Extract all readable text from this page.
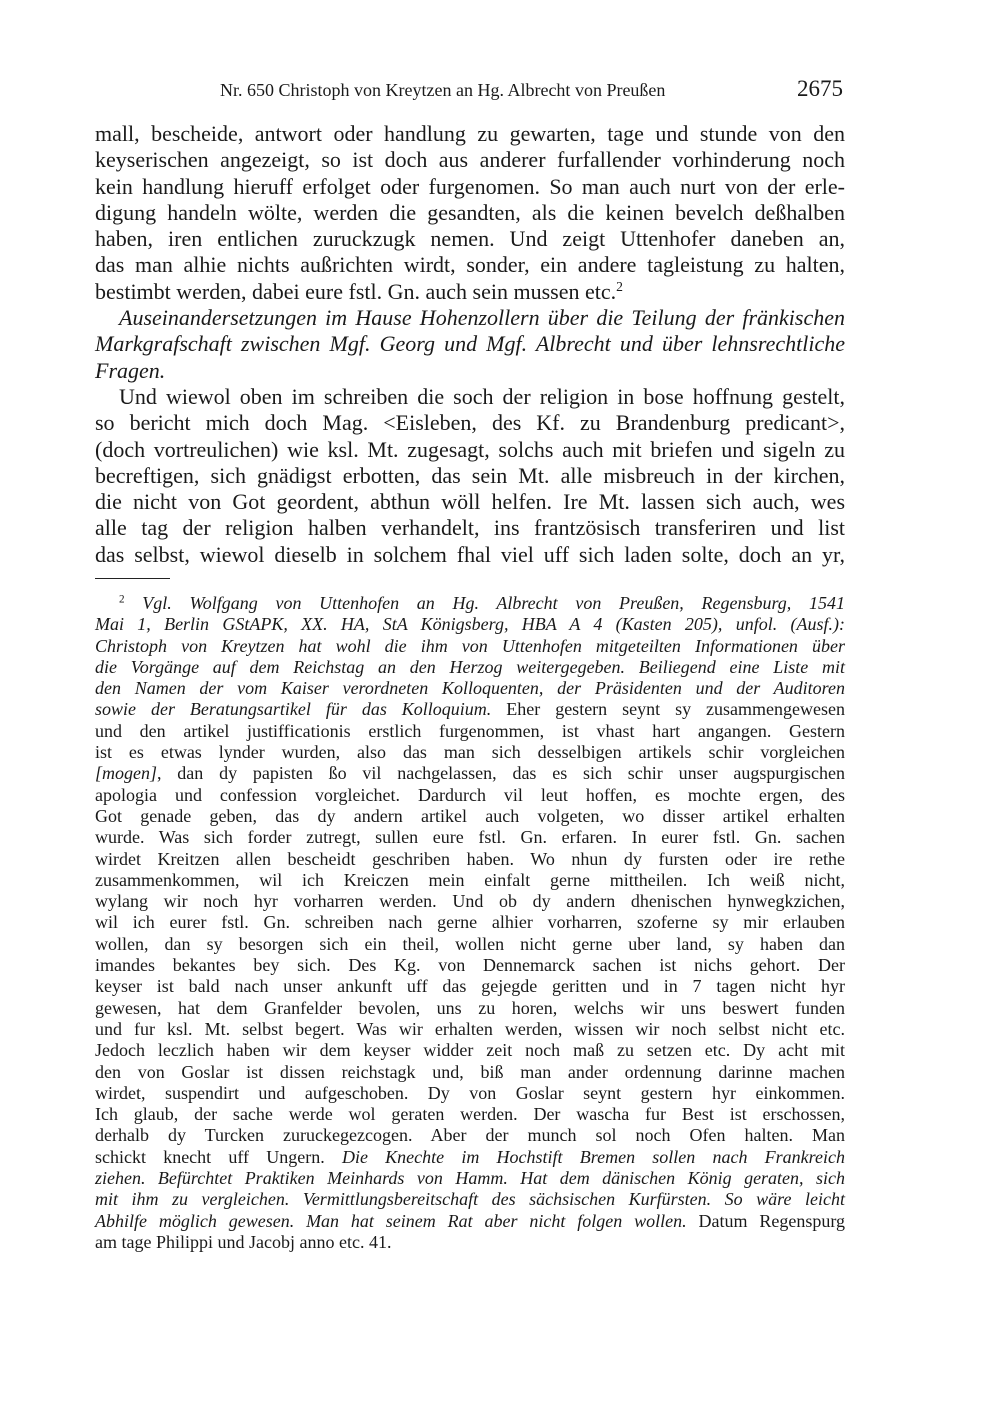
Nr. 650 Christoph von Kreytzen an Hg. Albrecht von Preußen	2675
mall, bescheide, antwort oder handlung zu gewarten, tage und stunde von den
keyserischen angezeigt, so ist doch aus anderer furfallender vorhinderung noch
kein handlung hieruff erfolget oder furgenomen. So man auch nurt von der erle-
digung handeln wölte, werden die gesandten, als die keinen bevelch deßhalben
haben, iren entlichen zuruckzugk nemen. Und zeigt Uttenhofer daneben an,
das man alhie nichts außrichten wirdt, sonder, ein andere tagleistung zu halten,
bestimbt werden, dabei eure fstl. Gn. auch sein mussen etc.$^2$
Auseinandersetzungen im Hause Hohenzollern über die Teilung der fränkischen
Markgrafschaft zwischen Mgf. Georg und Mgf. Albrecht und über lehnsrechtliche
Fragen.
Und wiewol oben im schreiben die soch der religion in bose hoffnung gestelt,
so bericht mich doch Mag. <Eisleben, des Kf. zu Brandenburg predicant>,
(doch vortreulichen) wie ksl. Mt. zugesagt, solchs auch mit briefen und sigeln zu
becreftigen, sich gnädigst erbotten, das sein Mt. alle misbreuch in der kirchen,
die nicht von Got geordent, abthun wöll helfen. Ire Mt. lassen sich auch, wes
alle tag der religion halben verhandelt, ins frantzösisch transferiren und list
das selbst, wiewol dieselb in solchem fhal viel uff sich laden solte, doch an yr,
$^2$ Vgl. Wolfgang von Uttenhofen an Hg. Albrecht von Preußen, Regensburg, 1541
Mai 1, Berlin GStAPK, XX. HA, StA Königsberg, HBA A 4 (Kasten 205), unfol. (Ausf.):
Christoph von Kreytzen hat wohl die ihm von Uttenhofen mitgeteilten Informationen über
die Vorgänge auf dem Reichstag an den Herzog weitergegeben. Beiliegend eine Liste mit
den Namen der vom Kaiser verordneten Kolloquenten, der Präsidenten und der Auditoren
sowie der Beratungsartikel für das Kolloquium. Eher gestern seynt sy zusammengewesen
und den artikel justifficationis erstlich furgenommen, ist vhast hart angangen. Gestern
ist es etwas lynder wurden, also das man sich desselbigen artikels schir vorgleichen
[mogen], dan dy papisten ßo vil nachgelassen, das es sich schir unser augspurgischen
apologia und confession vorgleichet. Dardurch vil leut hoffen, es mochte ergen, des
Got genade geben, das dy andern artikel auch volgeten, wo disser artikel erhalten
wurde. Was sich forder zutregt, sullen eure fstl. Gn. erfaren. In eurer fstl. Gn. sachen
wirdet Kreitzen allen bescheidt geschriben haben. Wo nhun dy fursten oder ire rethe
zusammenkommen, wil ich Kreiczen mein einfalt gerne mittheilen. Ich weiß nicht,
wylang wir noch hyr vorharren werden. Und ob dy andern dhenischen hynwegkzichen,
wil ich eurer fstl. Gn. schreiben nach gerne alhier vorharren, szoferne sy mir erlauben
wollen, dan sy besorgen sich ein theil, wollen nicht gerne uber land, sy haben dan
imandes bekantes bey sich. Des Kg. von Dennemarck sachen ist nichs gehort. Der
keyser ist bald nach unser ankunft uff das gejegde geritten und in 7 tagen nicht hyr
gewesen, hat dem Granfelder bevolen, uns zu horen, welchs wir uns beswert funden
und fur ksl. Mt. selbst begert. Was wir erhalten werden, wissen wir noch selbst nicht etc.
Jedoch leczlich haben wir dem keyser widder zeit noch maß zu setzen etc. Dy acht mit
den von Goslar ist dissen reichstagk und, biß man ander ordennung darinne machen
wirdet, suspendirt und aufgeschoben. Dy von Goslar seynt gestern hyr einkommen.
Ich glaub, der sache werde wol geraten werden. Der wascha fur Best ist erschossen,
derhalb dy Turcken zuruckegezcogen. Aber der munch sol noch Ofen halten. Man
schickt knecht uff Ungern. Die Knechte im Hochstift Bremen sollen nach Frankreich
ziehen. Befürchtet Praktiken Meinhards von Hamm. Hat dem dänischen König geraten, sich
mit ihm zu vergleichen. Vermittlungsbereitschaft des sächsischen Kurfürsten. So wäre leicht
Abhilfe möglich gewesen. Man hat seinem Rat aber nicht folgen wollen. Datum Regenspurg
am tage Philippi und Jacobj anno etc. 41.
